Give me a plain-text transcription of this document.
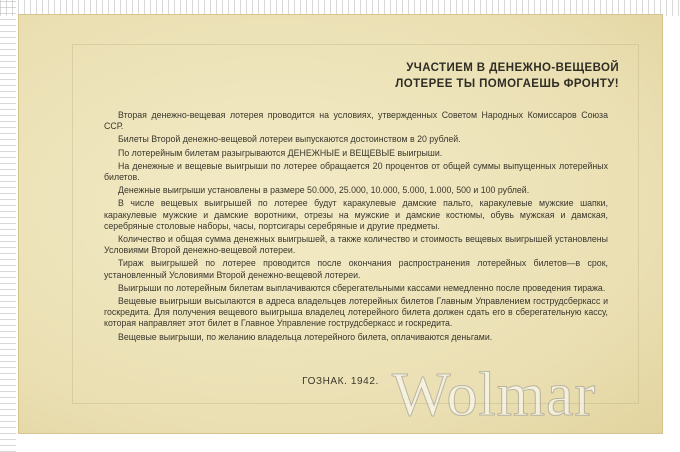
УЧАСТИЕМ В ДЕНЕЖНО-ВЕЩЕВОЙ
ЛОТЕРЕЕ ТЫ ПОМОГАЕШЬ ФРОНТУ!

Вторая денежно-вещевая лотерея проводится на условиях, утвержденных Советом Народных Комиссаров Союза ССР.

Билеты Второй денежно-вещевой лотереи выпускаются достоинством в 20 рублей.

По лотерейным билетам разыгрываются ДЕНЕЖНЫЕ и ВЕЩЕВЫЕ выигрыши.

На денежные и вещевые выигрыши по лотерее обращается 20 процентов от общей суммы выпущенных лотерейных билетов.

Денежные выигрыши установлены в размере 50.000, 25.000, 10.000, 5.000, 1.000, 500 и 100 рублей.

В числе вещевых выигрышей по лотерее будут каракулевые дамские пальто, каракулевые мужские шапки, каракулевые мужские и дамские воротники, отрезы на мужские и дамские костюмы, обувь мужская и дамская, серебряные столовые наборы, часы, портсигары серебряные и другие предметы.

Количество и общая сумма денежных выигрышей, а также количество и стоимость вещевых выигрышей установлены Условиями Второй денежно-вещевой лотереи.

Тираж выигрышей по лотерее проводится после окончания распространения лотерейных билетов—в срок, установленный Условиями Второй денежно-вещевой лотереи.

Выигрыши по лотерейным билетам выплачиваются сберегательными кассами немедленно после проведения тиража.

Вещевые выигрыши высылаются в адреса владельцев лотерейных билетов Главным Управлением гострудсберкасс и госкредита. Для получения вещевого выигрыша владелец лотерейного билета должен сдать его в сберегательную кассу, которая направляет этот билет в Главное Управление гострудсберкасс и госкредита.

Вещевые выигрыши, по желанию владельца лотерейного билета, оплачиваются деньгами.

ГОЗНАК. 1942. Wolmar
